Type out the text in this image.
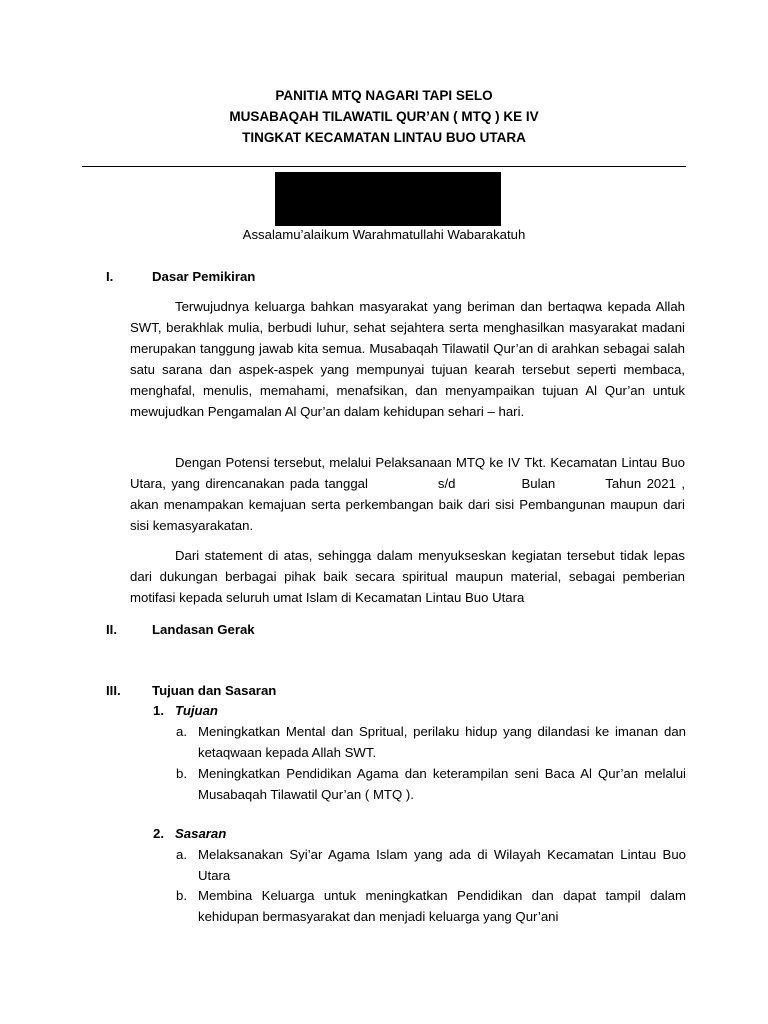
PANITIA MTQ NAGARI TAPI SELO
MUSABAQAH TILAWATIL QUR’AN ( MTQ ) KE IV
TINGKAT KECAMATAN LINTAU BUO UTARA
Assalamu’alaikum Warahmatullahi Wabarakatuh
I.	Dasar Pemikiran

Terwujudnya keluarga bahkan masyarakat yang beriman dan bertaqwa kepada Allah SWT, berakhlak mulia, berbudi luhur, sehat sejahtera serta menghasilkan masyarakat madani merupakan tanggung jawab kita semua. Musabaqah Tilawatil Qur’an di arahkan sebagai salah satu sarana dan aspek-aspek yang mempunyai tujuan kearah tersebut seperti membaca, menghafal, menulis, memahami, menafsikan, dan menyampaikan tujuan Al Qur’an untuk mewujudkan Pengamalan Al Qur’an dalam kehidupan sehari – hari.

Dengan Potensi tersebut, melalui Pelaksanaan MTQ ke IV Tkt. Kecamatan Lintau Buo Utara, yang direncanakan pada tanggal	s/d	Bulan	Tahun 2021 , akan menampakan kemajuan serta perkembangan baik dari sisi Pembangunan maupun dari sisi kemasyarakatan.

Dari statement di atas, sehingga dalam menyukseskan kegiatan tersebut tidak lepas dari dukungan berbagai pihak baik secara spiritual maupun material, sebagai pemberian motifasi kepada seluruh umat Islam di Kecamatan Lintau Buo Utara

II.	Landasan Gerak
III. Tujuan dan Sasaran
1. Tujuan
a. Meningkatkan Mental dan Spritual, perilaku hidup yang dilandasi ke imanan dan ketaqwaan kepada Allah SWT.
b. Meningkatkan Pendidikan Agama dan keterampilan seni Baca Al Qur’an melalui Musabaqah Tilawatil Qur’an ( MTQ ).
2. Sasaran
a. Melaksanakan Syi’ar Agama Islam yang ada di Wilayah Kecamatan Lintau Buo Utara
b. Membina Keluarga untuk meningkatkan Pendidikan dan dapat tampil dalam kehidupan bermasyarakat dan menjadi keluarga yang Qur’ani
